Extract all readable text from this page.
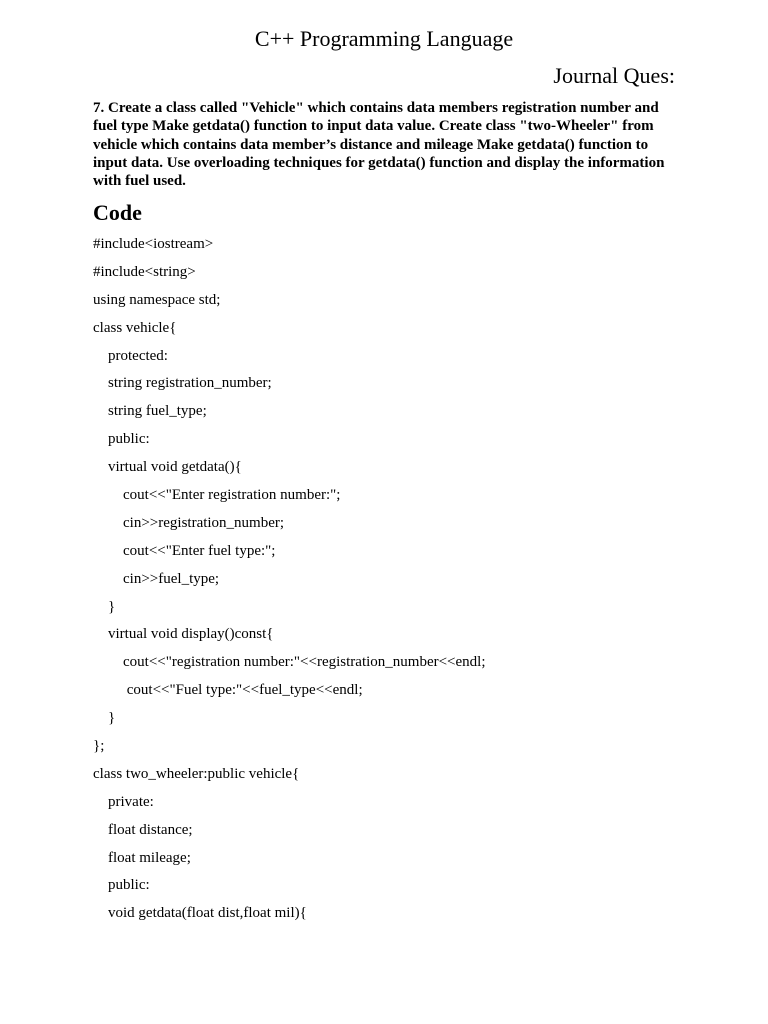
C++ Programming Language
Journal Ques:
7. Create a class called "Vehicle" which contains data members registration number and fuel type Make getdata() function to input data value. Create class "two-Wheeler" from vehicle which contains data member’s distance and mileage Make getdata() function to input data. Use overloading techniques for getdata() function and display the information with fuel used.
Code
#include<iostream>
#include<string>
using namespace std;
class vehicle{
protected:
string registration_number;
string fuel_type;
public:
virtual void getdata(){
cout<<"Enter registration number:";
cin>>registration_number;
cout<<"Enter fuel type:";
cin>>fuel_type;
}
virtual void display()const{
cout<<"registration number:"<<registration_number<<endl;
cout<<"Fuel type:"<<fuel_type<<endl;
}
};
class two_wheeler:public vehicle{
private:
float distance;
float mileage;
public:
void getdata(float dist,float mil){
